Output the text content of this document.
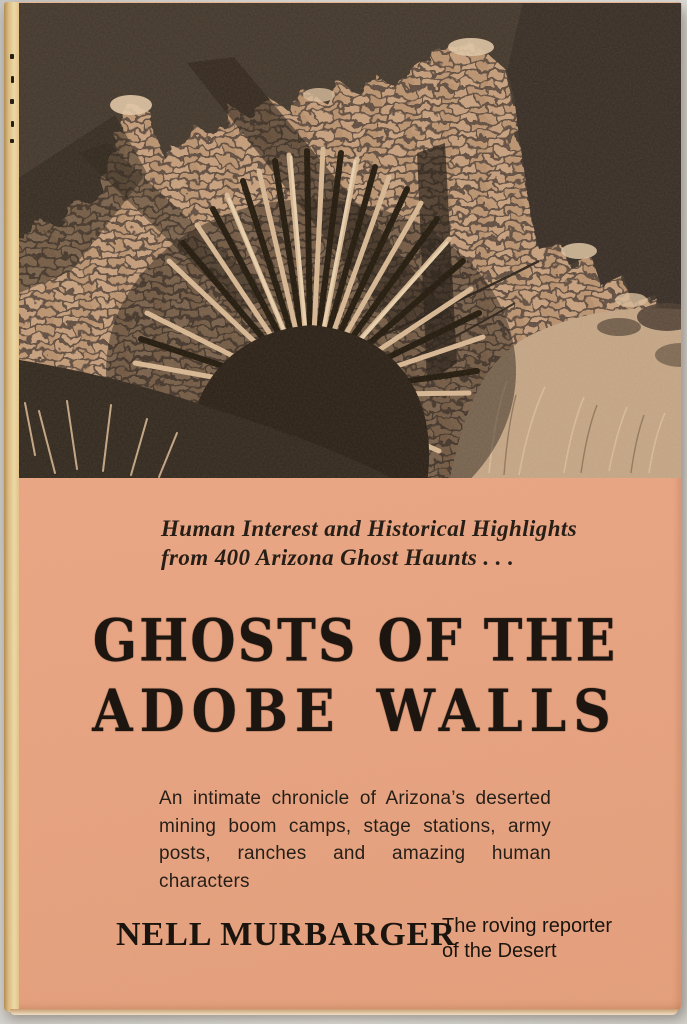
Human Interest and Historical Highlights
from 400 Arizona Ghost Haunts . . .
GHOSTS OF THE
ADOBE WALLS
An intimate chronicle of Arizona’s deserted
mining boom camps, stage stations, army
posts, ranches and amazing human characters
NELL MURBARGER
The roving reporter
of the Desert
